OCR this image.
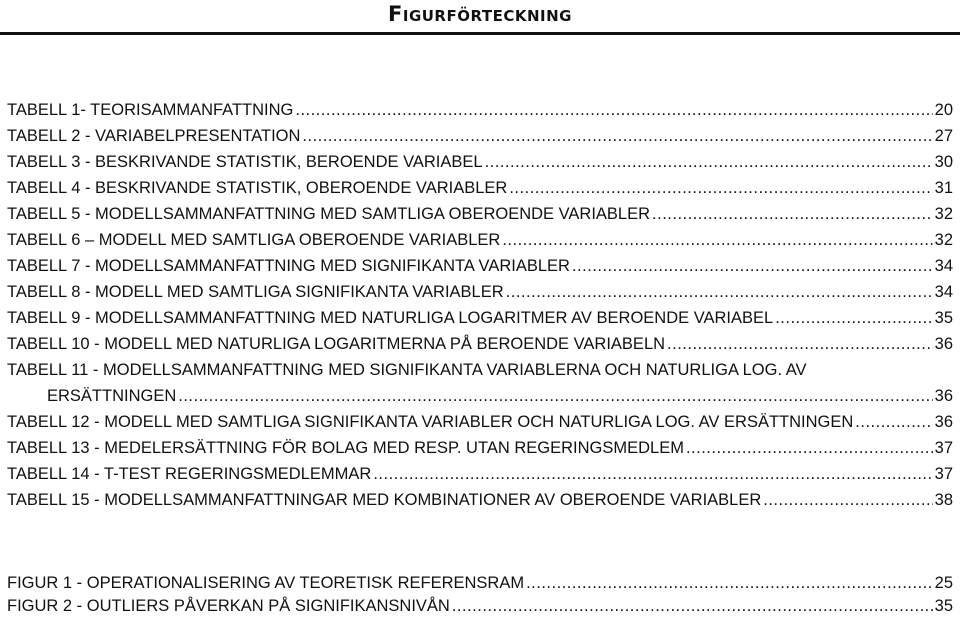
Figurförteckning
TABELL 1- TEORISAMMANFATTNING .....	20
TABELL 2 - VARIABELPRESENTATION .....	27
TABELL 3 - BESKRIVANDE STATISTIK, BEROENDE VARIABEL .....	30
TABELL 4 - BESKRIVANDE STATISTIK, OBEROENDE VARIABLER .....	31
TABELL 5 - MODELLSAMMANFATTNING MED SAMTLIGA OBEROENDE VARIABLER .....	32
TABELL 6 – MODELL MED SAMTLIGA OBEROENDE VARIABLER .....	32
TABELL 7 - MODELLSAMMANFATTNING MED SIGNIFIKANTA VARIABLER .....	34
TABELL 8 - MODELL MED SAMTLIGA SIGNIFIKANTA VARIABLER .....	34
TABELL 9 - MODELLSAMMANFATTNING MED NATURLIGA LOGARITMER AV BEROENDE VARIABEL .....	35
TABELL 10 - MODELL MED NATURLIGA LOGARITMERNA PÅ BEROENDE VARIABELN .....	36
TABELL 11 - MODELLSAMMANFATTNING MED SIGNIFIKANTA VARIABLERNA OCH NATURLIGA LOG. AV
ERSÄTTNINGEN .....	36
TABELL 12 - MODELL MED SAMTLIGA SIGNIFIKANTA VARIABLER OCH NATURLIGA LOG. AV ERSÄTTNINGEN .....	36
TABELL 13 - MEDELERSÄTTNING FÖR BOLAG MED RESP. UTAN REGERINGSMEDLEM .....	37
TABELL 14 - T-TEST REGERINGSMEDLEMMAR .....	37
TABELL 15 - MODELLSAMMANFATTNINGAR MED KOMBINATIONER AV OBEROENDE VARIABLER .....	38
FIGUR 1 - OPERATIONALISERING AV TEORETISK REFERENSRAM .....	25
FIGUR 2 - OUTLIERS PÅVERKAN PÅ SIGNIFIKANSNIVÅN .....	35
